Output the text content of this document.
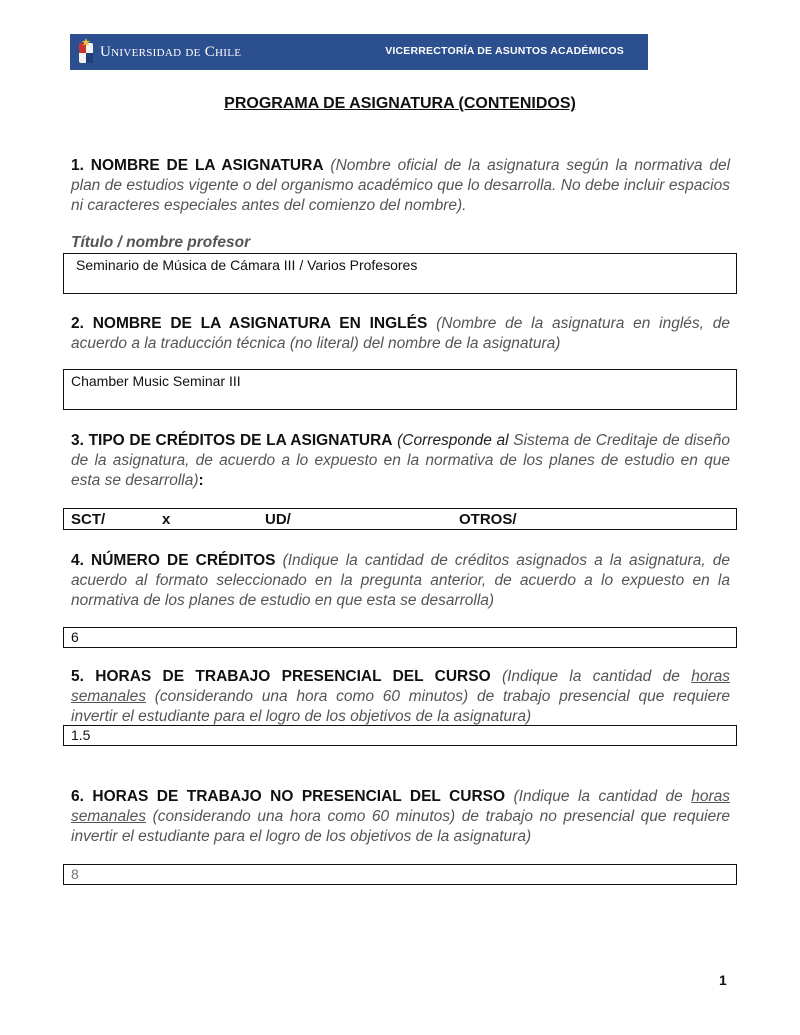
Universidad de Chile	VICERRECTORÍA DE ASUNTOS ACADÉMICOS
PROGRAMA DE ASIGNATURA (CONTENIDOS)
1. NOMBRE DE LA ASIGNATURA (Nombre oficial de la asignatura según la normativa del plan de estudios vigente o del organismo académico que lo desarrolla. No debe incluir espacios ni caracteres especiales antes del comienzo del nombre).
Título / nombre profesor
Seminario de Música de Cámara III / Varios Profesores
2. NOMBRE DE LA ASIGNATURA EN INGLÉS (Nombre de la asignatura en inglés, de acuerdo a la traducción técnica (no literal) del nombre de la asignatura)
Chamber Music Seminar III
3. TIPO DE CRÉDITOS DE LA ASIGNATURA (Corresponde al Sistema de Creditaje de diseño de la asignatura, de acuerdo a lo expuesto en la normativa de los planes de estudio en que esta se desarrolla):
SCT/	x	UD/	OTROS/
4. NÚMERO DE CRÉDITOS (Indique la cantidad de créditos asignados a la asignatura, de acuerdo al formato seleccionado en la pregunta anterior, de acuerdo a lo expuesto en la normativa de los planes de estudio en que esta se desarrolla)
6
5. HORAS DE TRABAJO PRESENCIAL DEL CURSO (Indique la cantidad de horas semanales (considerando una hora como 60 minutos) de trabajo presencial que requiere invertir el estudiante para el logro de los objetivos de la asignatura)
1.5
6. HORAS DE TRABAJO NO PRESENCIAL DEL CURSO (Indique la cantidad de horas semanales (considerando una hora como 60 minutos) de trabajo no presencial que requiere invertir el estudiante para el logro de los objetivos de la asignatura)
8
1
